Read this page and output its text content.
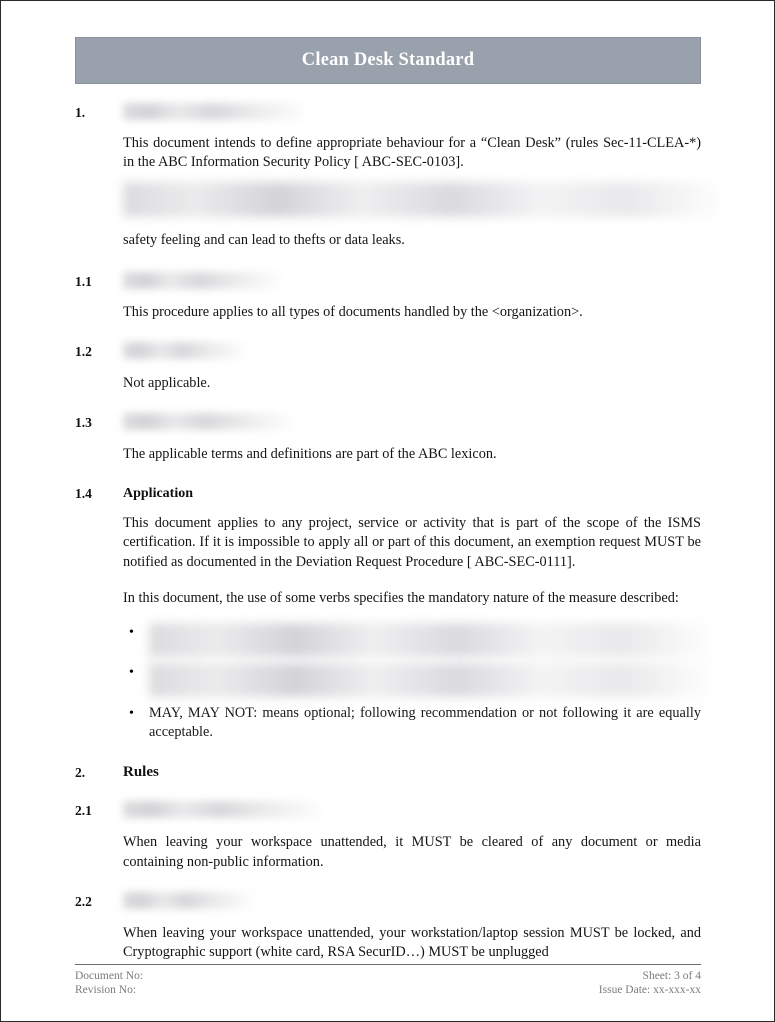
Clean Desk Standard
1.

This document intends to define appropriate behaviour for a “Clean Desk” (rules Sec-11-CLEA-*) in the ABC Information Security Policy [ ABC-SEC-0103].

safety feeling and can lead to thefts or data leaks.

1.1

This procedure applies to all types of documents handled by the <organization>.

1.2

Not applicable.

1.3

The applicable terms and definitions are part of the ABC lexicon.

1.4 Application

This document applies to any project, service or activity that is part of the scope of the ISMS certification. If it is impossible to apply all or part of this document, an exemption request MUST be notified as documented in the Deviation Request Procedure [ ABC-SEC-0111].

In this document, the use of some verbs specifies the mandatory nature of the measure described:

•
•
• MAY, MAY NOT: means optional; following recommendation or not following it are equally acceptable.
2.	Rules
2.1

When leaving your workspace unattended, it MUST be cleared of any document or media containing non-public information.

2.2

When leaving your workspace unattended, your workstation/laptop session MUST be locked, and Cryptographic support (white card, RSA SecurID…) MUST be unplugged

Document No:	Sheet: 3 of 4
Revision No:	Issue Date: xx-xxx-xx
